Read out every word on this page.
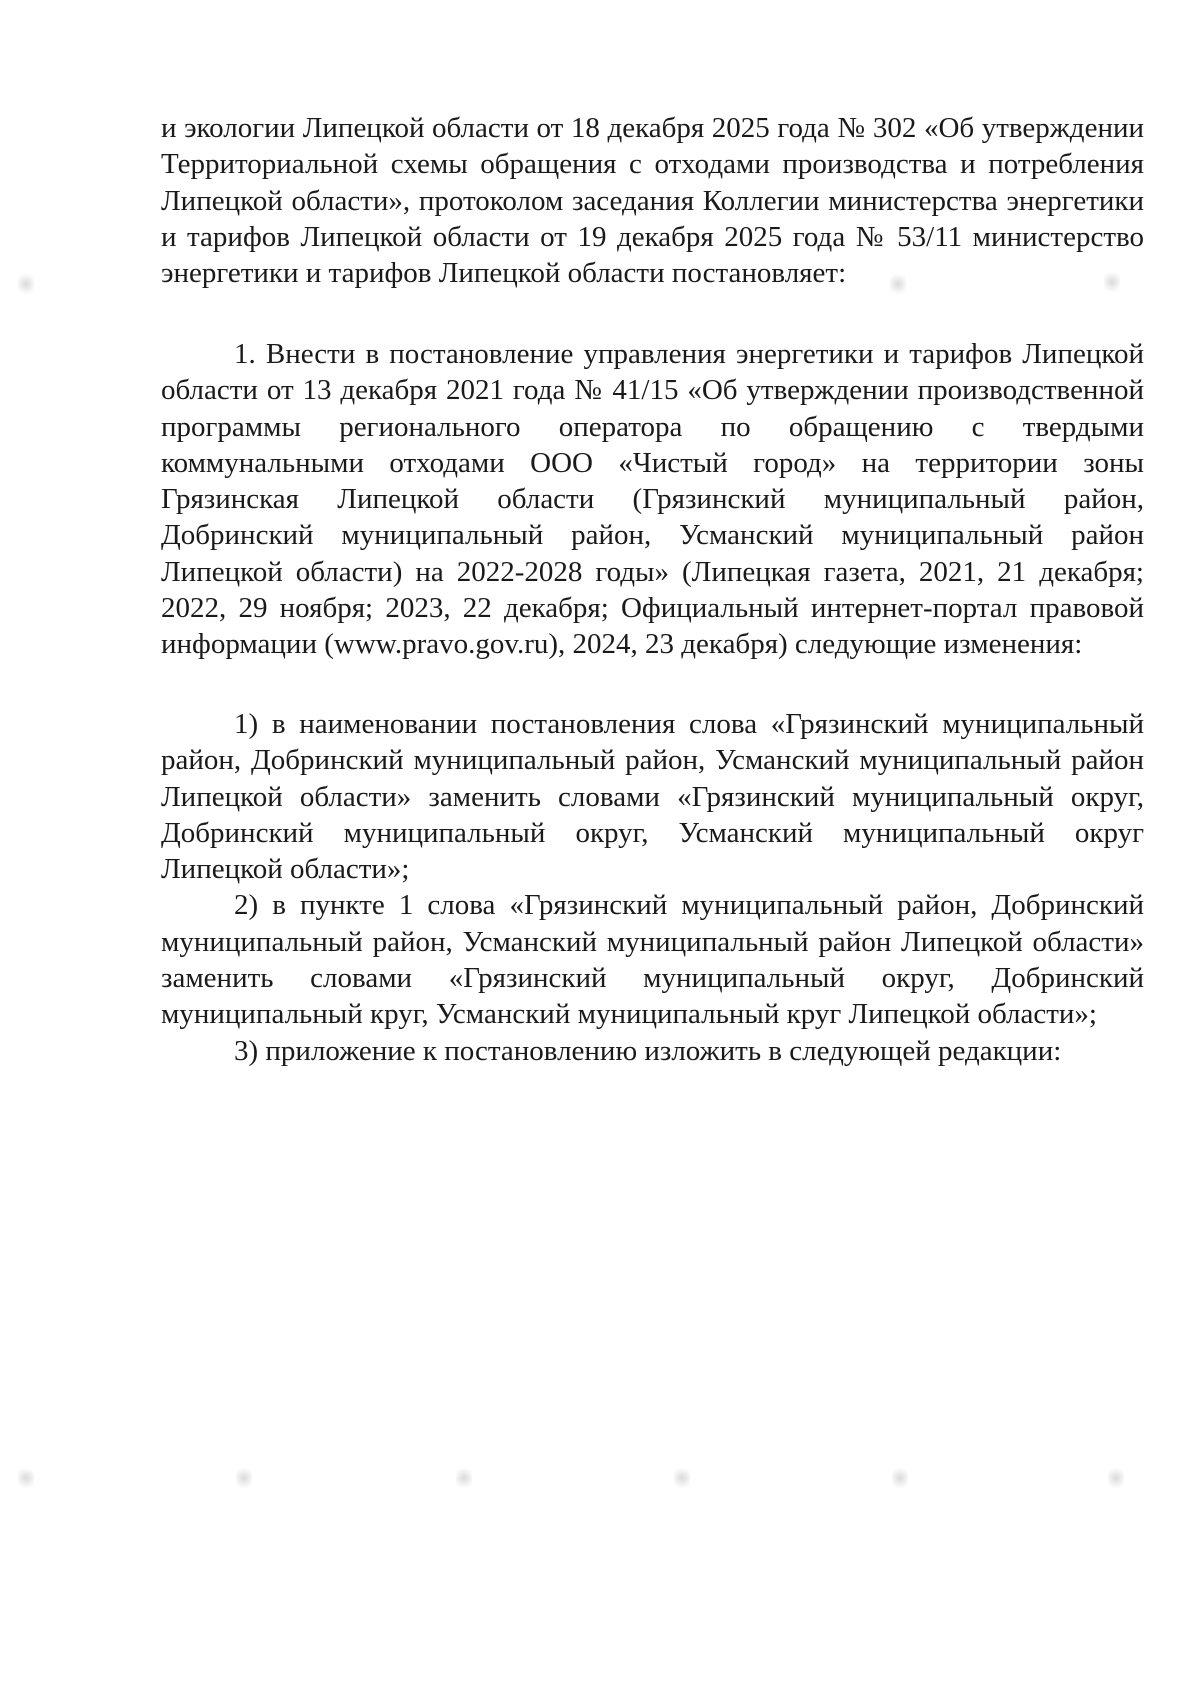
и экологии Липецкой области от 18 декабря 2025 года № 302 «Об утверждении Территориальной схемы обращения с отходами производства и потребления Липецкой области», протоколом заседания Коллегии министерства энергетики и тарифов Липецкой области от 19 декабря 2025 года № 53/11 министерство энергетики и тарифов Липецкой области постановляет:

1. Внести в постановление управления энергетики и тарифов Липецкой области от 13 декабря 2021 года № 41/15 «Об утверждении производственной программы регионального оператора по обращению с твердыми коммунальными отходами ООО «Чистый город» на территории зоны Грязинская Липецкой области (Грязинский муниципальный район, Добринский муниципальный район, Усманский муниципальный район Липецкой области) на 2022-2028 годы» (Липецкая газета, 2021, 21 декабря; 2022, 29 ноября; 2023, 22 декабря; Официальный интернет-портал правовой информации (www.pravo.gov.ru), 2024, 23 декабря) следующие изменения:

1) в наименовании постановления слова «Грязинский муниципальный район, Добринский муниципальный район, Усманский муниципальный район Липецкой области» заменить словами «Грязинский муниципальный округ, Добринский муниципальный округ, Усманский муниципальный округ Липецкой области»;

2) в пункте 1 слова «Грязинский муниципальный район, Добринский муниципальный район, Усманский муниципальный район Липецкой области» заменить словами «Грязинский муниципальный округ, Добринский муниципальный круг, Усманский муниципальный круг Липецкой области»;

3) приложение к постановлению изложить в следующей редакции:
